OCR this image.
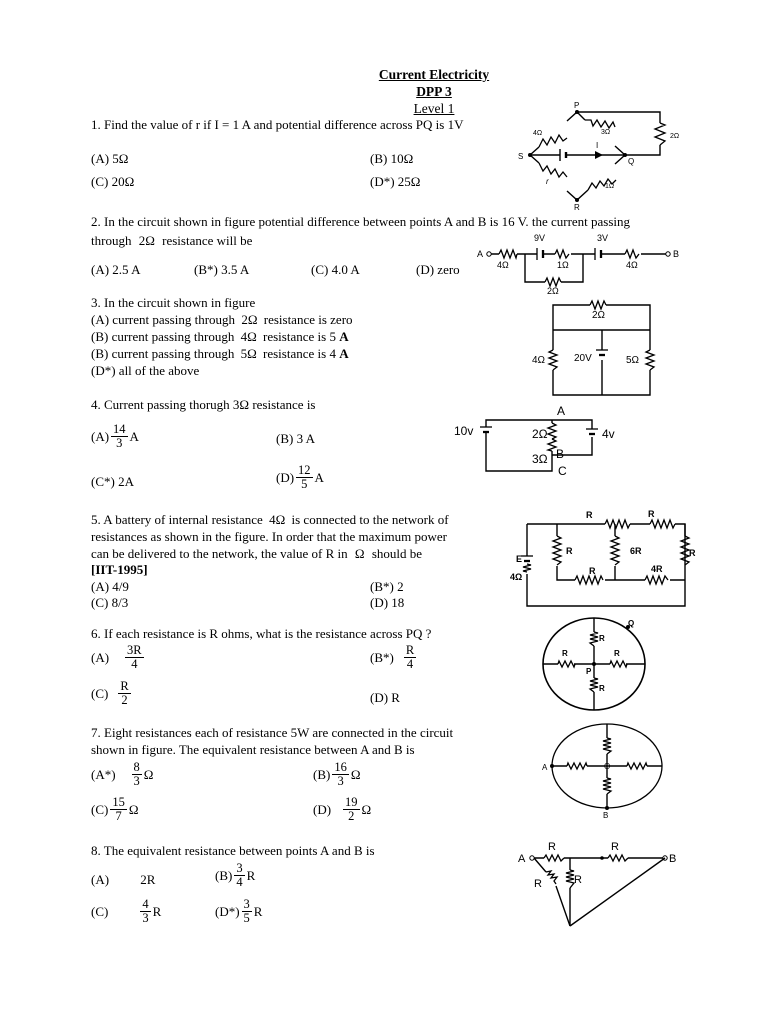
Current Electricity
DPP 3
Level 1
1. Find the value of r if I = 1 A and potential difference across PQ is 1V
(A) 5Ω	(B) 10Ω
(C) 20Ω	(D*) 25Ω
P
Q
R
S
r
I
4Ω	3Ω
2Ω
1Ω
2. In the circuit shown in figure potential difference between points A and B is 16 V. the current passing
through 2Ω resistance will be
(A) 2.5 A	(B*) 3.5 A	(C) 4.0 A	(D) zero
A	B
9V	3V
4Ω	1Ω	4Ω
2Ω
3. In the circuit shown in figure
(A) current passing through 2Ω resistance is zero
(B) current passing through 4Ω resistance is 5 A
(B) current passing through 5Ω resistance is 4 A
(D*) all of the above
2Ω
4Ω	20V	5Ω
4. Current passing thorugh 3Ω resistance is
$(A) \frac{14}{3}$ A	(B) 3 A
(C*) 2A	$(D) \frac{12}{5}$ A
10v	2Ω
3Ω
4v
A
B
C
5. A battery of internal resistance 4Ω is connected to the network of
resistances as shown in the figure. In order that the maximum power
can be delivered to the network, the value of R in Ω should be
[IIT-1995]
(A) 4/9	(B*) 2
(C) 8/3	(D) 18
R	R
R	6R	R
R	4R
E
4Ω
6. If each resistance is R ohms, what is the resistance across PQ ?
$(A) \frac{3R}{4}$	$(B*) \frac{R}{4}$
$(C) \frac{R}{2}$	(D) R
R
R
R	R
P
Q
7. Eight resistances each of resistance 5W are connected in the circuit
shown in figure. The equivalent resistance between A and B is
$(A*) \frac{8}{3}$ Ω	$(B) \frac{16}{3}$ Ω
$(C) \frac{15}{7}$ Ω	$(D) \frac{19}{2}$ Ω
A
B
O
8. The equivalent resistance between points A and B is
(A) 2R	$(B) \frac{3}{4}$ R
(C)	$\frac{4}{3}$ R	$(D*) \frac{3}{5}$ R
A	B
R	R
R	R
